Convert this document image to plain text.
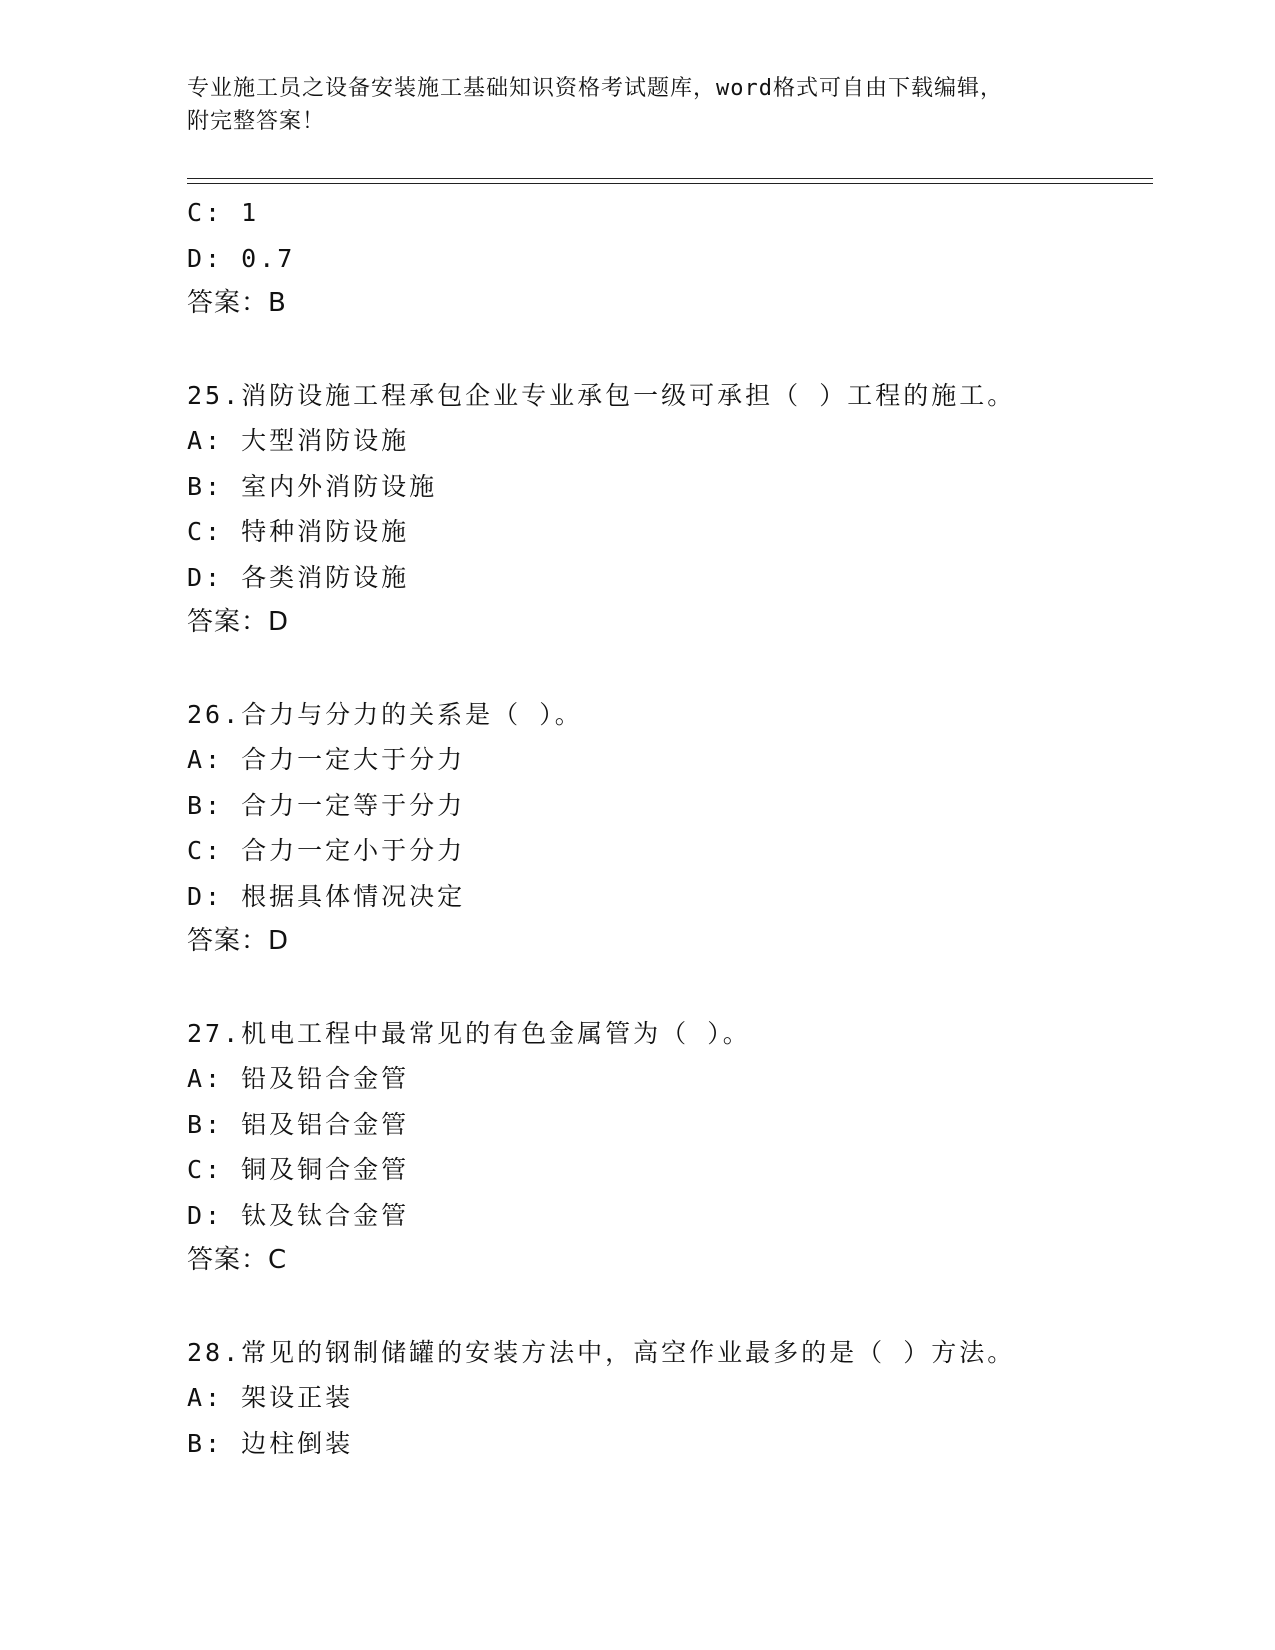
专业施工员之设备安装施工基础知识资格考试题库，word格式可自由下载编辑，
附完整答案！
C: 1
D: 0.7
答案：B
25.消防设施工程承包企业专业承包一级可承担（ ）工程的施工。
A: 大型消防设施
B: 室内外消防设施
C: 特种消防设施
D: 各类消防设施
答案：D
26.合力与分力的关系是（ ）。
A: 合力一定大于分力
B: 合力一定等于分力
C: 合力一定小于分力
D: 根据具体情况决定
答案：D
27.机电工程中最常见的有色金属管为（ ）。
A: 铅及铅合金管
B: 铝及铝合金管
C: 铜及铜合金管
D: 钛及钛合金管
答案：C
28.常见的钢制储罐的安装方法中，高空作业最多的是（ ）方法。
A: 架设正装
B: 边柱倒装
